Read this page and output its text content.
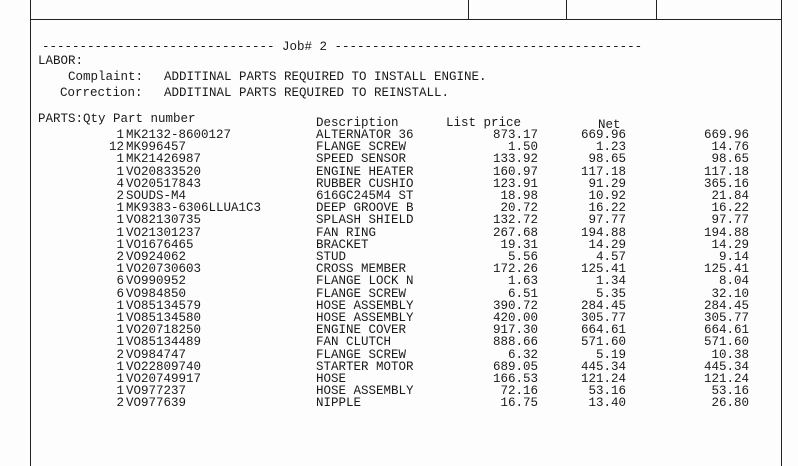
------------------------------- Job# 2 -----------------------------------------
LABOR:
Complaint: ADDITINAL PARTS REQUIRED TO INSTALL ENGINE.
Correction: ADDITINAL PARTS REQUIRED TO REINSTALL.
PARTS:Qty Part number	Description	List price	Net
1 MK2132-8600127	ALTERNATOR 36	873.17	669.96	669.96
12 MK996457	FLANGE SCREW	1.50	1.23	14.76
1 MK21426987	SPEED SENSOR	133.92	98.65	98.65
1 VO20833520	ENGINE HEATER	160.97	117.18	117.18
4 VO20517843	RUBBER CUSHIO	123.91	91.29	365.16
2 SOUDS-M4	616GC245M4 ST	18.98	10.92	21.84
1 MK9383-6306LLUA1C3	DEEP GROOVE B	20.72	16.22	16.22
1 VO82130735	SPLASH SHIELD	132.72	97.77	97.77
1 VO21301237	FAN RING	267.68	194.88	194.88
1 VO1676465	BRACKET	19.31	14.29	14.29
2 VO924062	STUD	5.56	4.57	9.14
1 VO20730603	CROSS MEMBER	172.26	125.41	125.41
6 VO990952	FLANGE LOCK N	1.63	1.34	8.04
6 VO984850	FLANGE SCREW	6.51	5.35	32.10
1 VO85134579	HOSE ASSEMBLY	390.72	284.45	284.45
1 VO85134580	HOSE ASSEMBLY	420.00	305.77	305.77
1 VO20718250	ENGINE COVER	917.30	664.61	664.61
1 VO85134489	FAN CLUTCH	888.66	571.60	571.60
2 VO984747	FLANGE SCREW	6.32	5.19	10.38
1 VO22809740	STARTER MOTOR	689.05	445.34	445.34
1 VO20749917	HOSE	166.53	121.24	121.24
1 VO977237	HOSE ASSEMBLY	72.16	53.16	53.16
2 VO977639	NIPPLE	16.75	13.40	26.80
